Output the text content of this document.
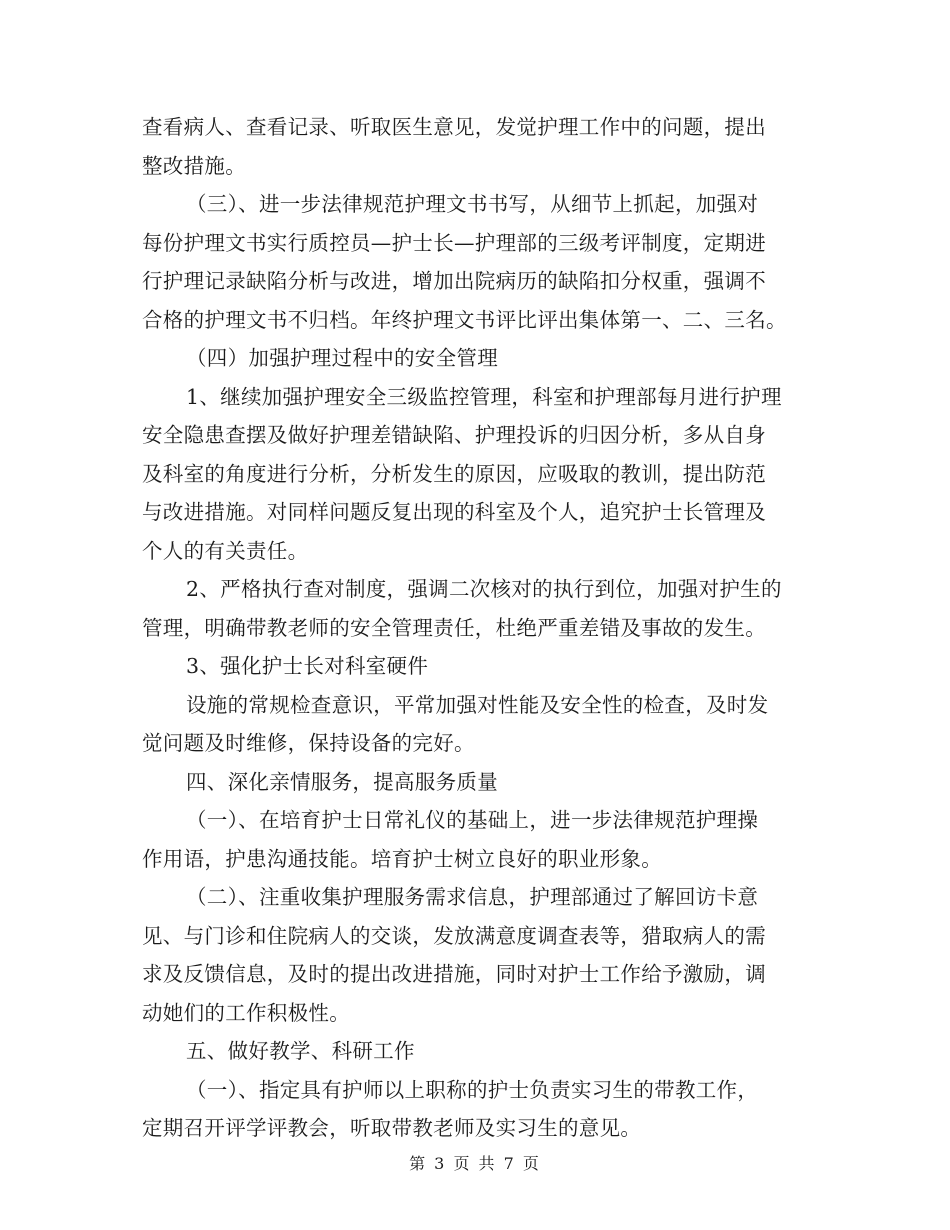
查看病人、查看记录、听取医生意见，发觉护理工作中的问题，提出
整改措施。
（三）、进一步法律规范护理文书书写，从细节上抓起，加强对
每份护理文书实行质控员—护士长—护理部的三级考评制度，定期进
行护理记录缺陷分析与改进，增加出院病历的缺陷扣分权重，强调不
合格的护理文书不归档。年终护理文书评比评出集体第一、二、三名。
（四）加强护理过程中的安全管理
1、继续加强护理安全三级监控管理，科室和护理部每月进行护理
安全隐患查摆及做好护理差错缺陷、护理投诉的归因分析，多从自身
及科室的角度进行分析，分析发生的原因，应吸取的教训，提出防范
与改进措施。对同样问题反复出现的科室及个人，追究护士长管理及
个人的有关责任。
2、严格执行查对制度，强调二次核对的执行到位，加强对护生的
管理，明确带教老师的安全管理责任，杜绝严重差错及事故的发生。
3、强化护士长对科室硬件
设施的常规检查意识，平常加强对性能及安全性的检查，及时发
觉问题及时维修，保持设备的完好。
四、深化亲情服务，提高服务质量
（一）、在培育护士日常礼仪的基础上，进一步法律规范护理操
作用语，护患沟通技能。培育护士树立良好的职业形象。
（二）、注重收集护理服务需求信息，护理部通过了解回访卡意
见、与门诊和住院病人的交谈，发放满意度调查表等，猎取病人的需
求及反馈信息，及时的提出改进措施，同时对护士工作给予激励，调
动她们的工作积极性。
五、做好教学、科研工作
（一）、指定具有护师以上职称的护士负责实习生的带教工作，
定期召开评学评教会，听取带教老师及实习生的意见。
第 3 页 共 7 页
